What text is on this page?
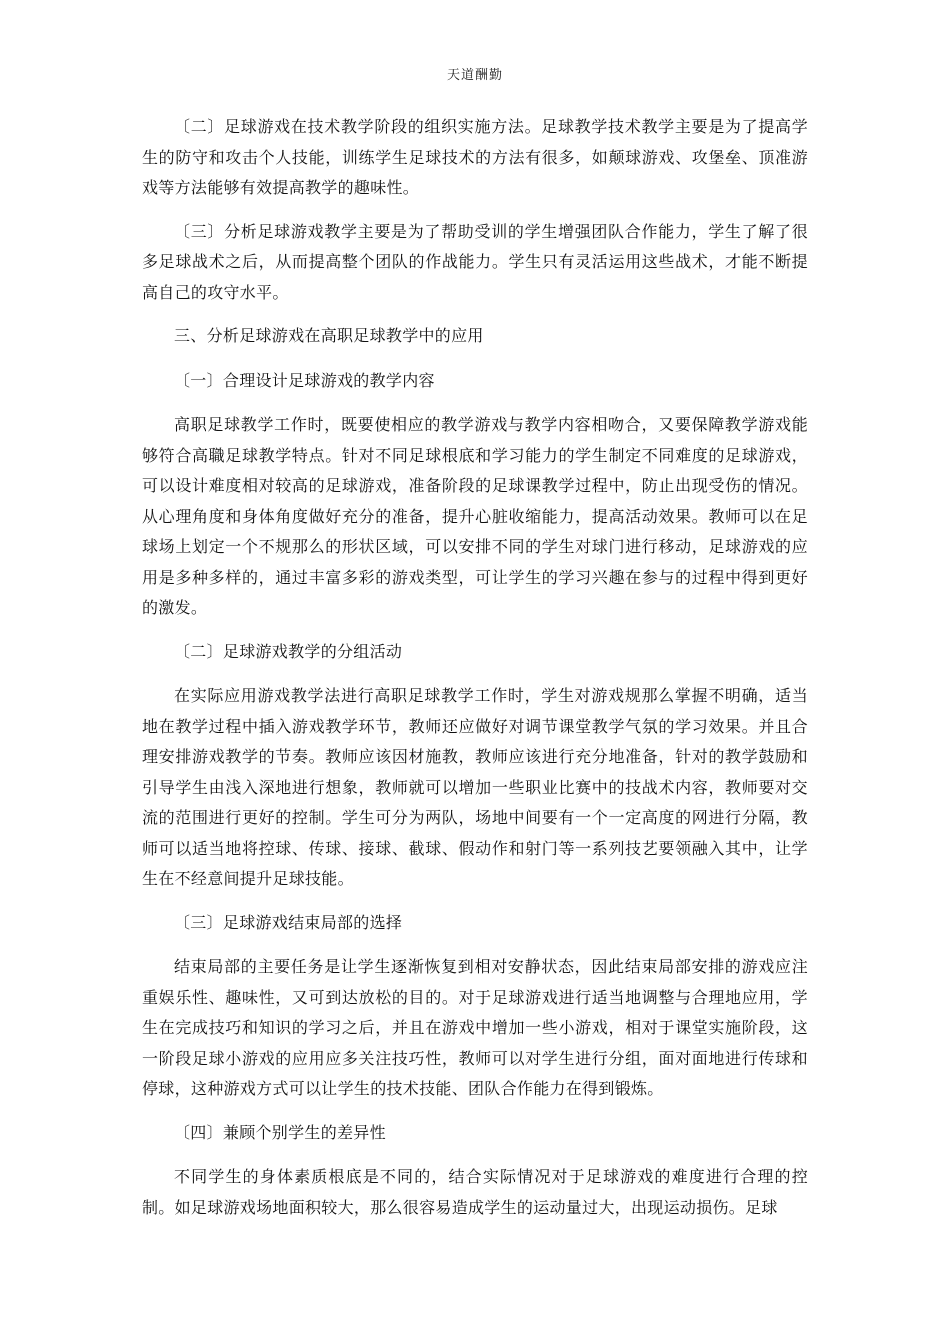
天道酬勤

〔二〕足球游戏在技术教学阶段的组织实施方法。足球教学技术教学主要是为了提高学生的防守和攻击个人技能，训练学生足球技术的方法有很多，如颠球游戏、攻堡垒、顶准游戏等方法能够有效提高教学的趣味性。

〔三〕分析足球游戏教学主要是为了帮助受训的学生增强团队合作能力，学生了解了很多足球战术之后，从而提高整个团队的作战能力。学生只有灵活运用这些战术，才能不断提高自己的攻守水平。

三、分析足球游戏在高职足球教学中的应用

〔一〕合理设计足球游戏的教学内容

高职足球教学工作时，既要使相应的教学游戏与教学内容相吻合，又要保障教学游戏能够符合高職足球教学特点。针对不同足球根底和学习能力的学生制定不同难度的足球游戏，可以设计难度相对较高的足球游戏，准备阶段的足球课教学过程中，防止出现受伤的情况。从心理角度和身体角度做好充分的准备，提升心脏收缩能力，提高活动效果。教师可以在足球场上划定一个不规那么的形状区域，可以安排不同的学生对球门进行移动，足球游戏的应用是多种多样的，通过丰富多彩的游戏类型，可让学生的学习兴趣在参与的过程中得到更好的激发。

〔二〕足球游戏教学的分组活动

在实际应用游戏教学法进行高职足球教学工作时，学生对游戏规那么掌握不明确，适当地在教学过程中插入游戏教学环节，教师还应做好对调节课堂教学气氛的学习效果。并且合理安排游戏教学的节奏。教师应该因材施教，教师应该进行充分地准备，针对的教学鼓励和引导学生由浅入深地进行想象，教师就可以增加一些职业比赛中的技战术内容，教师要对交流的范围进行更好的控制。学生可分为两队，场地中间要有一个一定高度的网进行分隔，教师可以适当地将控球、传球、接球、截球、假动作和射门等一系列技艺要领融入其中，让学生在不经意间提升足球技能。

〔三〕足球游戏结束局部的选择

结束局部的主要任务是让学生逐渐恢复到相对安静状态，因此结束局部安排的游戏应注重娱乐性、趣味性，又可到达放松的目的。对于足球游戏进行适当地调整与合理地应用，学生在完成技巧和知识的学习之后，并且在游戏中增加一些小游戏，相对于课堂实施阶段，这一阶段足球小游戏的应用应多关注技巧性，教师可以对学生进行分组，面对面地进行传球和停球，这种游戏方式可以让学生的技术技能、团队合作能力在得到锻炼。

〔四〕兼顾个别学生的差异性

不同学生的身体素质根底是不同的，结合实际情况对于足球游戏的难度进行合理的控制。如足球游戏场地面积较大，那么很容易造成学生的运动量过大，出现运动损伤。足球
